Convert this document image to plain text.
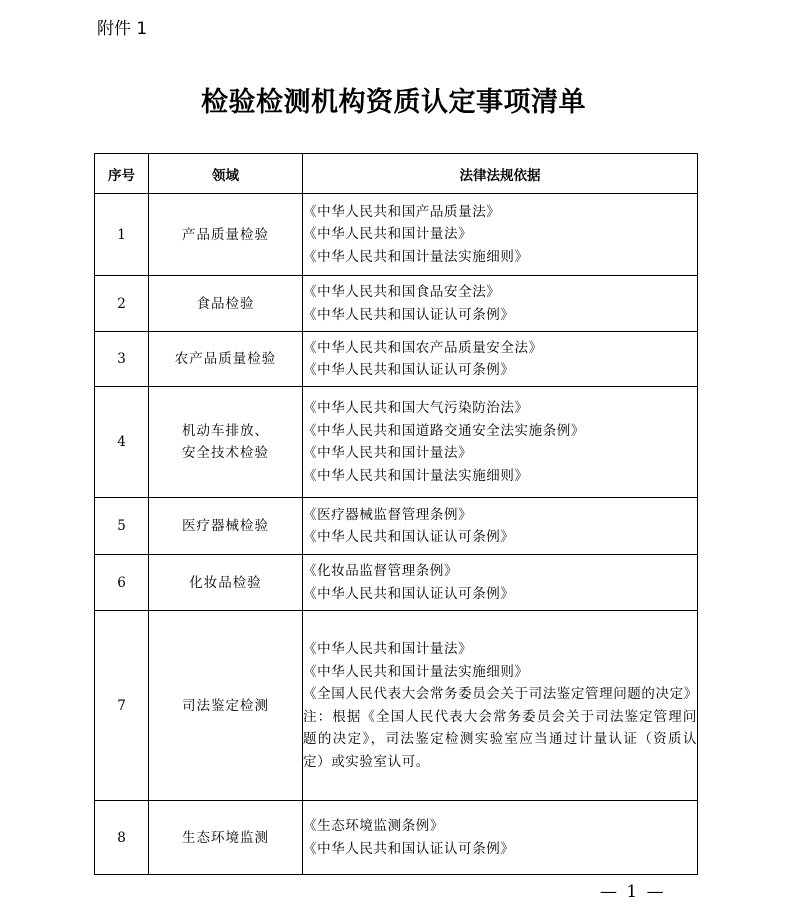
附件 1
检验检测机构资质认定事项清单
序号	领域	法律法规依据
1	产品质量检验	《中华人民共和国产品质量法》
《中华人民共和国计量法》
《中华人民共和国计量法实施细则》

2	食品检验	《中华人民共和国食品安全法》
《中华人民共和国认证认可条例》

3	农产品质量检验	《中华人民共和国农产品质量安全法》
《中华人民共和国认证认可条例》

4	机动车排放、
安全技术检验	《中华人民共和国大气污染防治法》
《中华人民共和国道路交通安全法实施条例》
《中华人民共和国计量法》
《中华人民共和国计量法实施细则》

5	医疗器械检验	《医疗器械监督管理条例》
《中华人民共和国认证认可条例》

6	化妆品检验	《化妆品监督管理条例》
《中华人民共和国认证认可条例》

7	司法鉴定检测	《中华人民共和国计量法》
《中华人民共和国计量法实施细则》
《全国人民代表大会常务委员会关于司法鉴定管理问题的决定》
注：根据《全国人民代表大会常务委员会关于司法鉴定管理问题的决定》，司法鉴定检测实验室应当通过计量认证（资质认定）或实验室认可。

8	生态环境监测	《生态环境监测条例》
《中华人民共和国认证认可条例》
— 1 —
